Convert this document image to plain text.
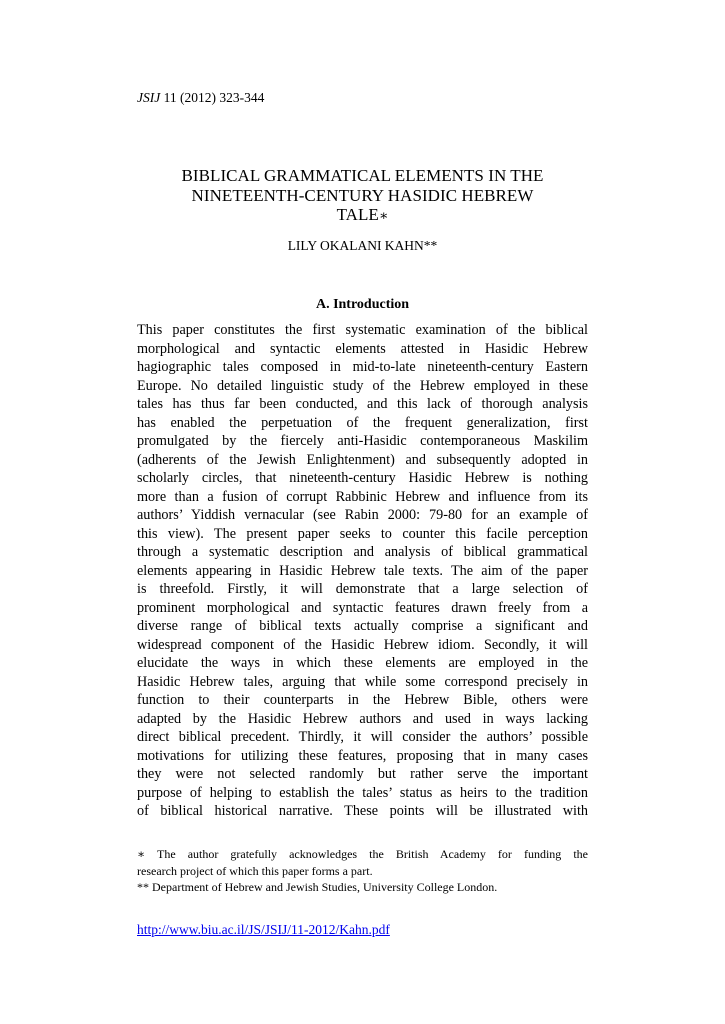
JSIJ 11 (2012) 323-344
BIBLICAL GRAMMATICAL ELEMENTS IN THE
NINETEENTH-CENTURY HASIDIC HEBREW
TALE∗
LILY OKALANI KAHN**
A. Introduction
This paper constitutes the first systematic examination of the biblical
morphological and syntactic elements attested in Hasidic Hebrew
hagiographic tales composed in mid-to-late nineteenth-century Eastern
Europe. No detailed linguistic study of the Hebrew employed in these
tales has thus far been conducted, and this lack of thorough analysis
has enabled the perpetuation of the frequent generalization, first
promulgated by the fiercely anti-Hasidic contemporaneous Maskilim
(adherents of the Jewish Enlightenment) and subsequently adopted in
scholarly circles, that nineteenth-century Hasidic Hebrew is nothing
more than a fusion of corrupt Rabbinic Hebrew and influence from its
authors’ Yiddish vernacular (see Rabin 2000: 79-80 for an example of
this view). The present paper seeks to counter this facile perception
through a systematic description and analysis of biblical grammatical
elements appearing in Hasidic Hebrew tale texts. The aim of the paper
is threefold. Firstly, it will demonstrate that a large selection of
prominent morphological and syntactic features drawn freely from a
diverse range of biblical texts actually comprise a significant and
widespread component of the Hasidic Hebrew idiom. Secondly, it will
elucidate the ways in which these elements are employed in the
Hasidic Hebrew tales, arguing that while some correspond precisely in
function to their counterparts in the Hebrew Bible, others were
adapted by the Hasidic Hebrew authors and used in ways lacking
direct biblical precedent. Thirdly, it will consider the authors’ possible
motivations for utilizing these features, proposing that in many cases
they were not selected randomly but rather serve the important
purpose of helping to establish the tales’ status as heirs to the tradition
of biblical historical narrative. These points will be illustrated with
∗ The author gratefully acknowledges the British Academy for funding the
research project of which this paper forms a part.
** Department of Hebrew and Jewish Studies, University College London.
http://www.biu.ac.il/JS/JSIJ/11-2012/Kahn.pdf
